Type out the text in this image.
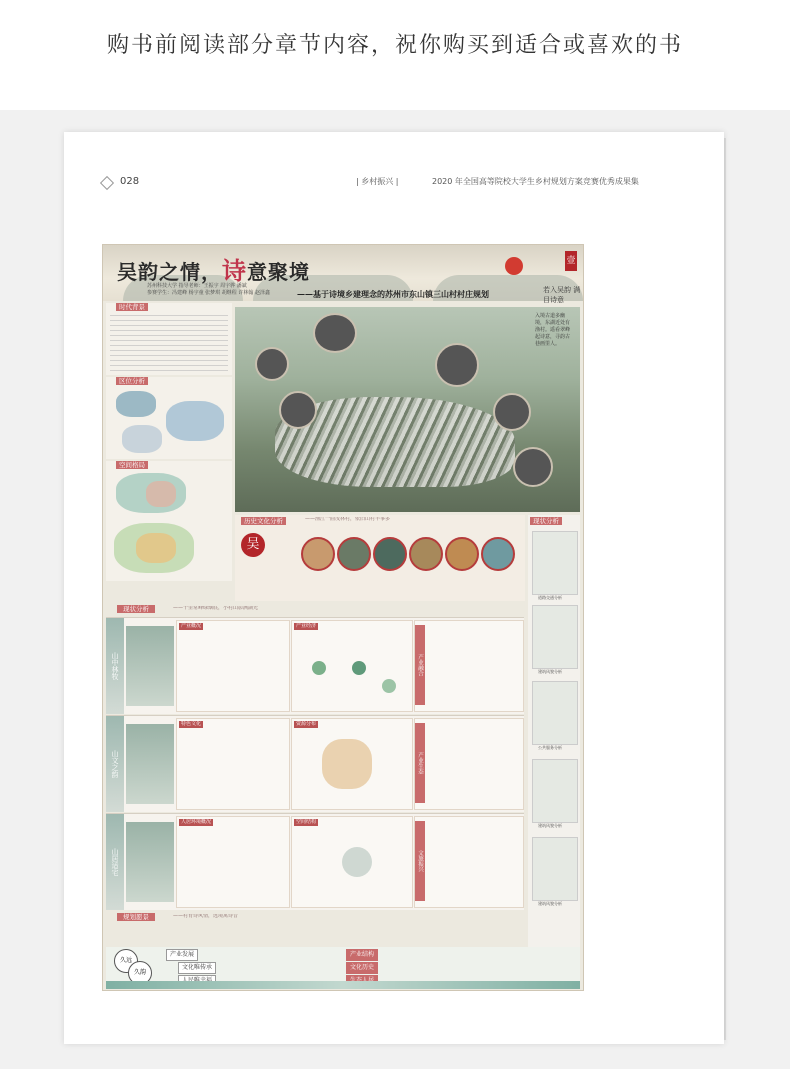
购书前阅读部分章节内容，祝你购买到适合或喜欢的书
028	| 乡村振兴 |	2020 年全国高等院校大学生乡村规划方案竞赛优秀成果集
吴韵之情，诗意聚境	壹
若入吴韵 满目诗意
——基于诗境乡建理念的苏州市东山镇三山村村庄规划
苏州科技大学 指导老师：王振宇 周宇骅 潘斌
参赛学生：冯建峰 杨宇童 张梦琪 胡继程 许林翰 赵泽鑫
时代背景
区位分析
空间格局
入境古道多幽境，东湖近处有渔村。遥看翠峰起诗意，寻韵古巷画里人。
历史文化分析	——渔江一曲茂林村，依旧山村半事多
吴
现状分析
道路交通分析
建筑风貌分析
公共服务分析
建筑风貌分析
建筑风貌分析
现状分析	——十里常峰绿烟底，小村山影满湖光
山中林牧
产业概况	产业经济
产业融合
山文之韵
特色文化	资源分布
产业生态
山居适宅
人居环境概况	空间结构
文旅振兴
规划愿景	——村育诗风情，远境寓诗音
久远
久韵
产业发展
文化唯传承
产业结构
文化历史
